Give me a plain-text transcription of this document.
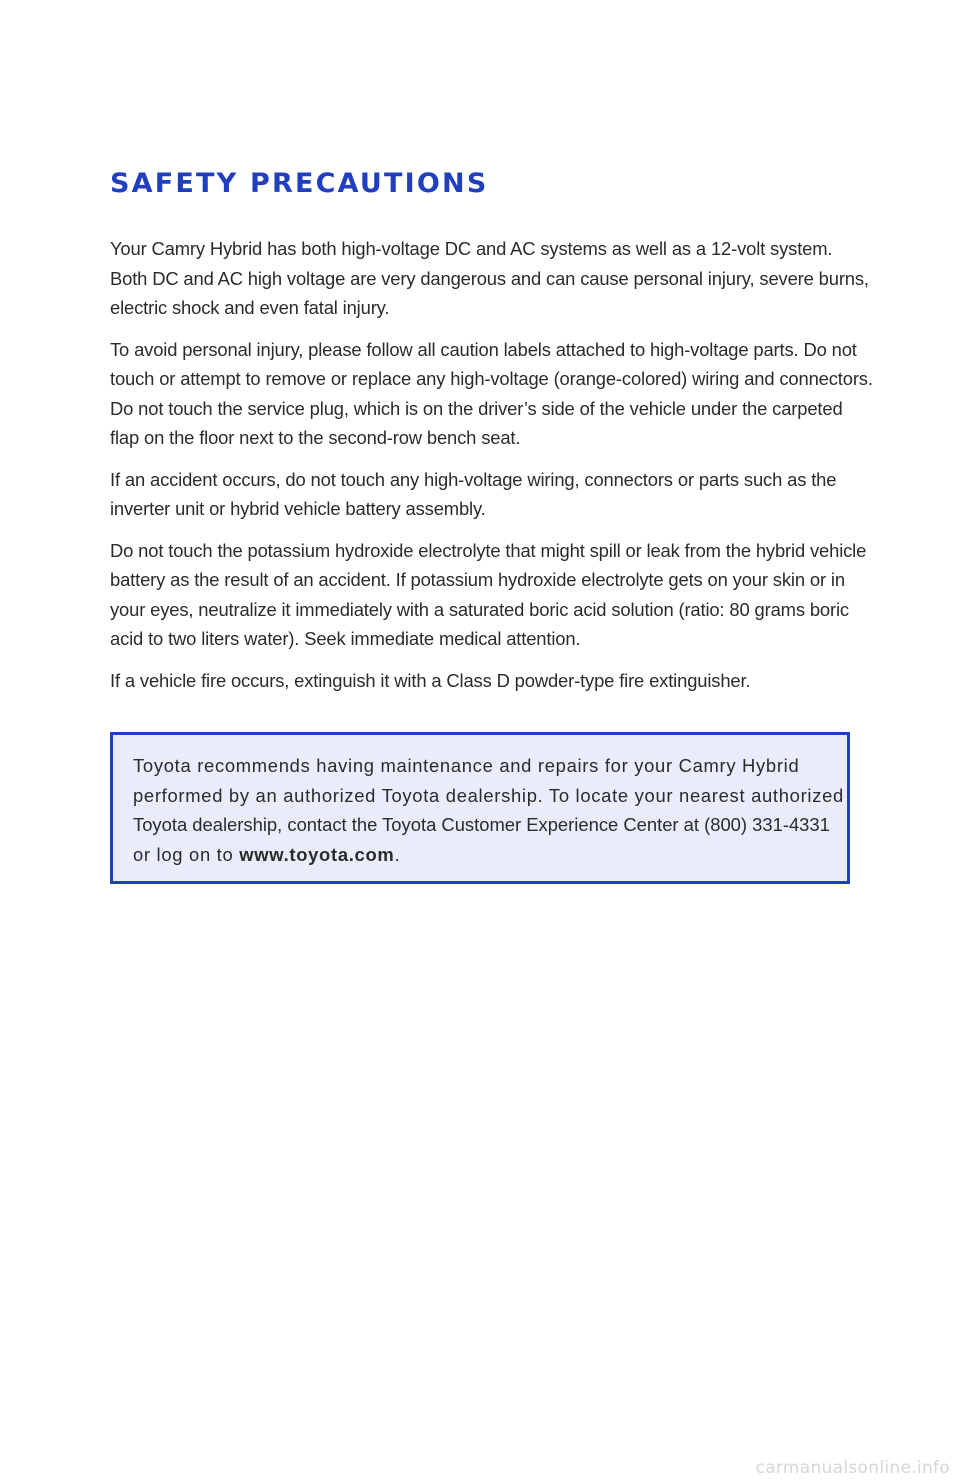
SAFETY PRECAUTIONS

Your Camry Hybrid has both high-voltage DC and AC systems as well as a 12-volt system.
Both DC and AC high voltage are very dangerous and can cause personal injury, severe burns,
electric shock and even fatal injury.

To avoid personal injury, please follow all caution labels attached to high-voltage parts. Do not
touch or attempt to remove or replace any high-voltage (orange-colored) wiring and connectors.
Do not touch the service plug, which is on the driver’s side of the vehicle under the carpeted
flap on the floor next to the second-row bench seat.

If an accident occurs, do not touch any high-voltage wiring, connectors or parts such as the
inverter unit or hybrid vehicle battery assembly.

Do not touch the potassium hydroxide electrolyte that might spill or leak from the hybrid vehicle
battery as the result of an accident. If potassium hydroxide electrolyte gets on your skin or in
your eyes, neutralize it immediately with a saturated boric acid solution (ratio: 80 grams boric
acid to two liters water). Seek immediate medical attention.

If a vehicle fire occurs, extinguish it with a Class D powder-type fire extinguisher.

Toyota recommends having maintenance and repairs for your Camry Hybrid
performed by an authorized Toyota dealership. To locate your nearest authorized
Toyota dealership, contact the Toyota Customer Experience Center at (800) 331-4331
or log on to www.toyota.com.
carmanualsonline.info
